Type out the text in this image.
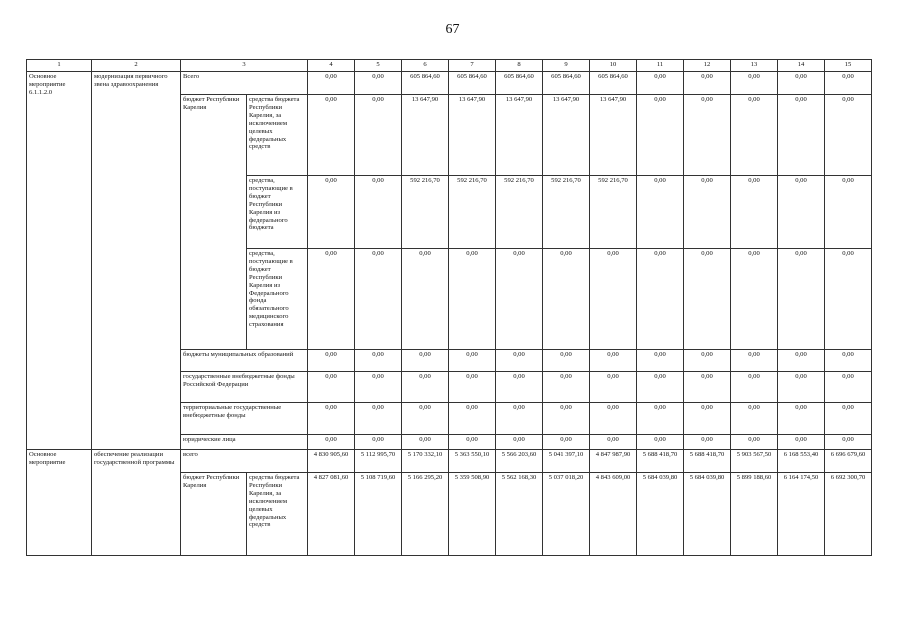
67
1	2	3		4	5	6	7	8	9	10	11	12	13	14	15
Основное мероприятие 6.1.1.2.0	модернизация первичного звена здравоохранения	Всего		0,00	0,00	605 864,60	605 864,60	605 864,60	605 864,60	605 864,60	0,00	0,00	0,00	0,00	0,00
		бюджет Республики Карелия	средства бюджета Республики Карелия, за исключением целевых федеральных средств	0,00	0,00	13 647,90	13 647,90	13 647,90	13 647,90	13 647,90	0,00	0,00	0,00	0,00	0,00
			средства, поступающие в бюджет Республики Карелия из федерального бюджета	0,00	0,00	592 216,70	592 216,70	592 216,70	592 216,70	592 216,70	0,00	0,00	0,00	0,00	0,00
			средства, поступающие в бюджет Республики Карелия из Федерального фонда обязательного медицинского страхования	0,00	0,00	0,00	0,00	0,00	0,00	0,00	0,00	0,00	0,00	0,00	0,00
		бюджеты муниципальных образований		0,00	0,00	0,00	0,00	0,00	0,00	0,00	0,00	0,00	0,00	0,00	0,00
		государственные внебюджетные фонды Российской Федерации		0,00	0,00	0,00	0,00	0,00	0,00	0,00	0,00	0,00	0,00	0,00	0,00
		территориальные государственные внебюджетные фонды		0,00	0,00	0,00	0,00	0,00	0,00	0,00	0,00	0,00	0,00	0,00	0,00
		юридические лица		0,00	0,00	0,00	0,00	0,00	0,00	0,00	0,00	0,00	0,00	0,00	0,00
Основное мероприятие	обеспечение реализации государственной программы	всего		4 830 905,60	5 112 995,70	5 170 332,10	5 363 550,10	5 566 203,60	5 041 397,10	4 847 987,90	5 688 418,70	5 688 418,70	5 903 567,50	6 168 553,40	6 696 679,60
		бюджет Республики Карелия	средства бюджета Республики Карелия, за исключением целевых федеральных средств	4 827 081,60	5 108 719,60	5 166 295,20	5 359 508,90	5 562 168,30	5 037 018,20	4 843 609,00	5 684 039,80	5 684 039,80	5 899 188,60	6 164 174,50	6 692 300,70
